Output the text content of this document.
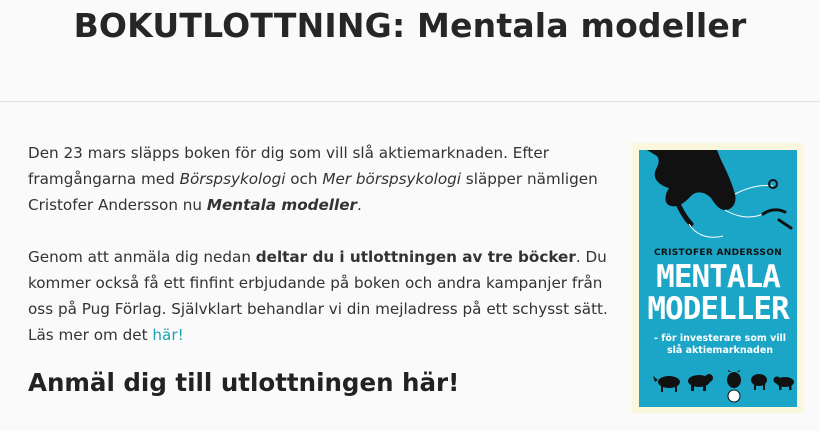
BOKUTLOTTNING: Mentala modeller

Den 23 mars släpps boken för dig som vill slå aktiemarknaden. Efter framgångarna med Börspsykologi och Mer börspsykologi släpper nämligen Cristofer Andersson nu Mentala modeller.

Genom att anmäla dig nedan deltar du i utlottningen av tre böcker. Du kommer också få ett finfint erbjudande på boken och andra kampanjer från oss på Pug Förlag. Självklart behandlar vi din mejladress på ett schysst sätt. Läs mer om det här!

Anmäl dig till utlottningen här!
CRISTOFER ANDERSSON
MENTALA
MODELLER
- för investerare som vill slå aktiemarknaden
